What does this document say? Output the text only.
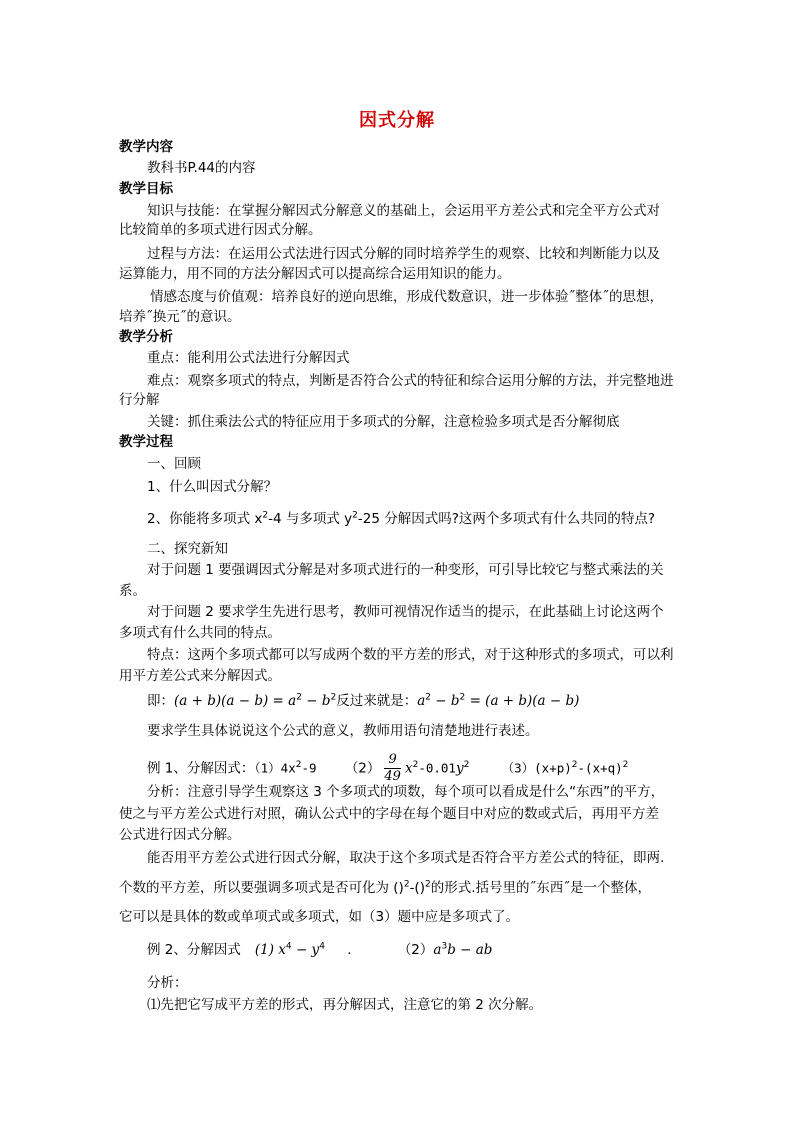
因式分解
教学内容
教科书P.44的内容
教学目标
知识与技能：在掌握分解因式分解意义的基础上，会运用平方差公式和完全平方公式对
比较简单的多项式进行因式分解。
过程与方法：在运用公式法进行因式分解的同时培养学生的观察、比较和判断能力以及
运算能力，用不同的方法分解因式可以提高综合运用知识的能力。
情感态度与价值观：培养良好的逆向思维，形成代数意识，进一步体验˝整体˝的思想，
培养˝换元˝的意识。
教学分析
重点：能利用公式法进行分解因式
难点：观察多项式的特点，判断是否符合公式的特征和综合运用分解的方法，并完整地进
行分解
关键：抓住乘法公式的特征应用于多项式的分解，注意检验多项式是否分解彻底
教学过程
一、回顾
1、什么叫因式分解？
2、你能将多项式 $x^2-4$ 与多项式 $y^2-25$ 分解因式吗?这两个多项式有什么共同的特点?
二、探究新知
对于问题 1 要强调因式分解是对多项式进行的一种变形，可引导比较它与整式乘法的关
系。
对于问题 2 要求学生先进行思考，教师可视情况作适当的提示，在此基础上讨论这两个
多项式有什么共同的特点。
特点：这两个多项式都可以写成两个数的平方差的形式，对于这种形式的多项式，可以利
用平方差公式来分解因式。
即：$(a + b)(a - b) = a^2 - b^2$反过来就是：$a^2 - b^2 = (a + b)(a - b)$
要求学生具体说说这个公式的意义，教师用语句清楚地进行表述。
例 1、分解因式：$(1)4x^2-9$ $(2) \frac{9}{49} x^2-0.01y^2$	$(3)(x+p)^2-(x+q)^2$
分析：注意引导学生观察这 3 个多项式的项数，每个项可以看成是什么“东西”的平方，
使之与平方差公式进行对照，确认公式中的字母在每个题目中对应的数或式后，再用平方差
公式进行因式分解。
能否用平方差公式进行因式分解，取决于这个多项式是否符合平方差公式的特征，即两.
个数的平方差，所以要强调多项式是否可化为 ()$^2$-()$^2$的形式.括号里的˝东西˝是一个整体，
它可以是具体的数或单项式或多项式，如（3）题中应是多项式了。
例 2、分解因式 (1) $x^4 - y^4$ .	$(2)a^3b$ − ab
分析：
⑴先把它写成平方差的形式，再分解因式，注意它的第 2 次分解。
